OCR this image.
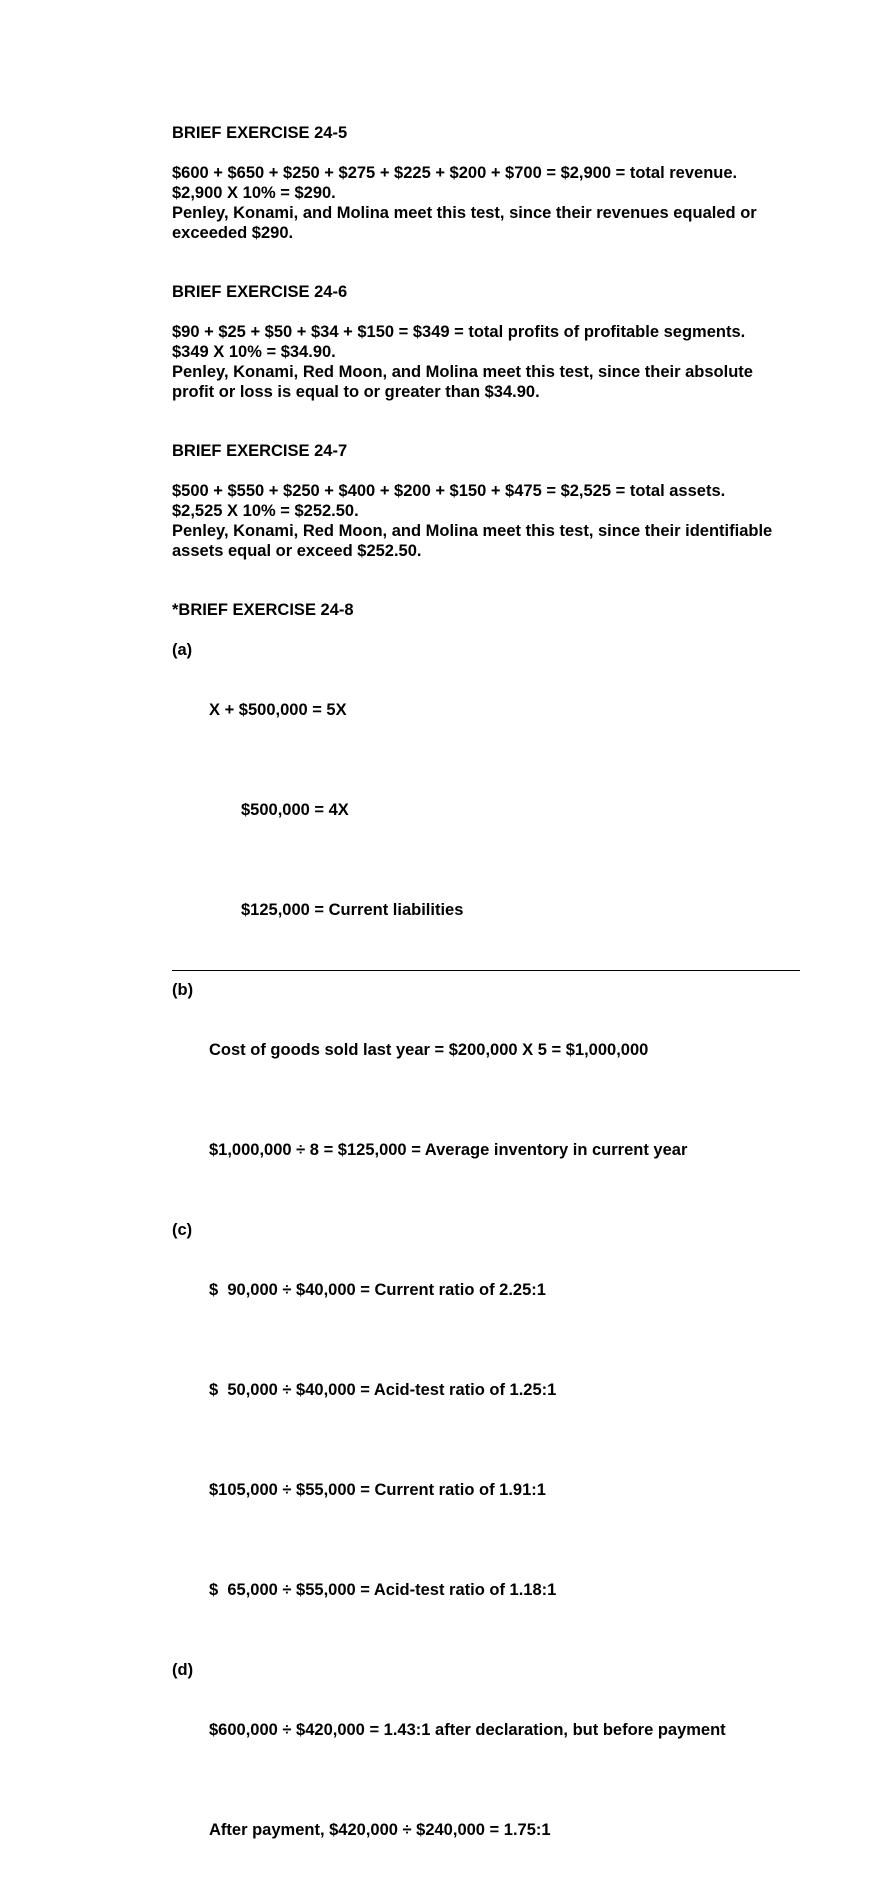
BRIEF EXERCISE 24-5
$600 + $650 + $250 + $275 + $225 + $200 + $700 = $2,900 = total revenue.
$2,900 X 10% = $290.
Penley, Konami, and Molina meet this test, since their revenues equaled or
exceeded $290.
BRIEF EXERCISE 24-6
$90 + $25 + $50 + $34 + $150 = $349 = total profits of profitable segments.
$349 X 10% = $34.90.
Penley, Konami, Red Moon, and Molina meet this test, since their absolute
profit or loss is equal to or greater than $34.90.
BRIEF EXERCISE 24-7
$500 + $550 + $250 + $400 + $200 + $150 + $475 = $2,525 = total assets.
$2,525 X 10% = $252.50.
Penley, Konami, Red Moon, and Molina meet this test, since their identifiable
assets equal or exceed $252.50.
*BRIEF EXERCISE 24-8

(a)

X + $500,000 = 5X

$500,000 = 4X

$125,000 = Current liabilities

(b)

Cost of goods sold last year = $200,000 X 5 = $1,000,000

$1,000,000 ÷ 8 = $125,000 = Average inventory in current year

(c)

$  90,000 ÷ $40,000 = Current ratio of 2.25:1

$  50,000 ÷ $40,000 = Acid-test ratio of 1.25:1

$105,000 ÷ $55,000 = Current ratio of 1.91:1

$  65,000 ÷ $55,000 = Acid-test ratio of 1.18:1

(d)

$600,000 ÷ $420,000 = 1.43:1 after declaration, but before payment

After payment, $420,000 ÷ $240,000 = 1.75:1
